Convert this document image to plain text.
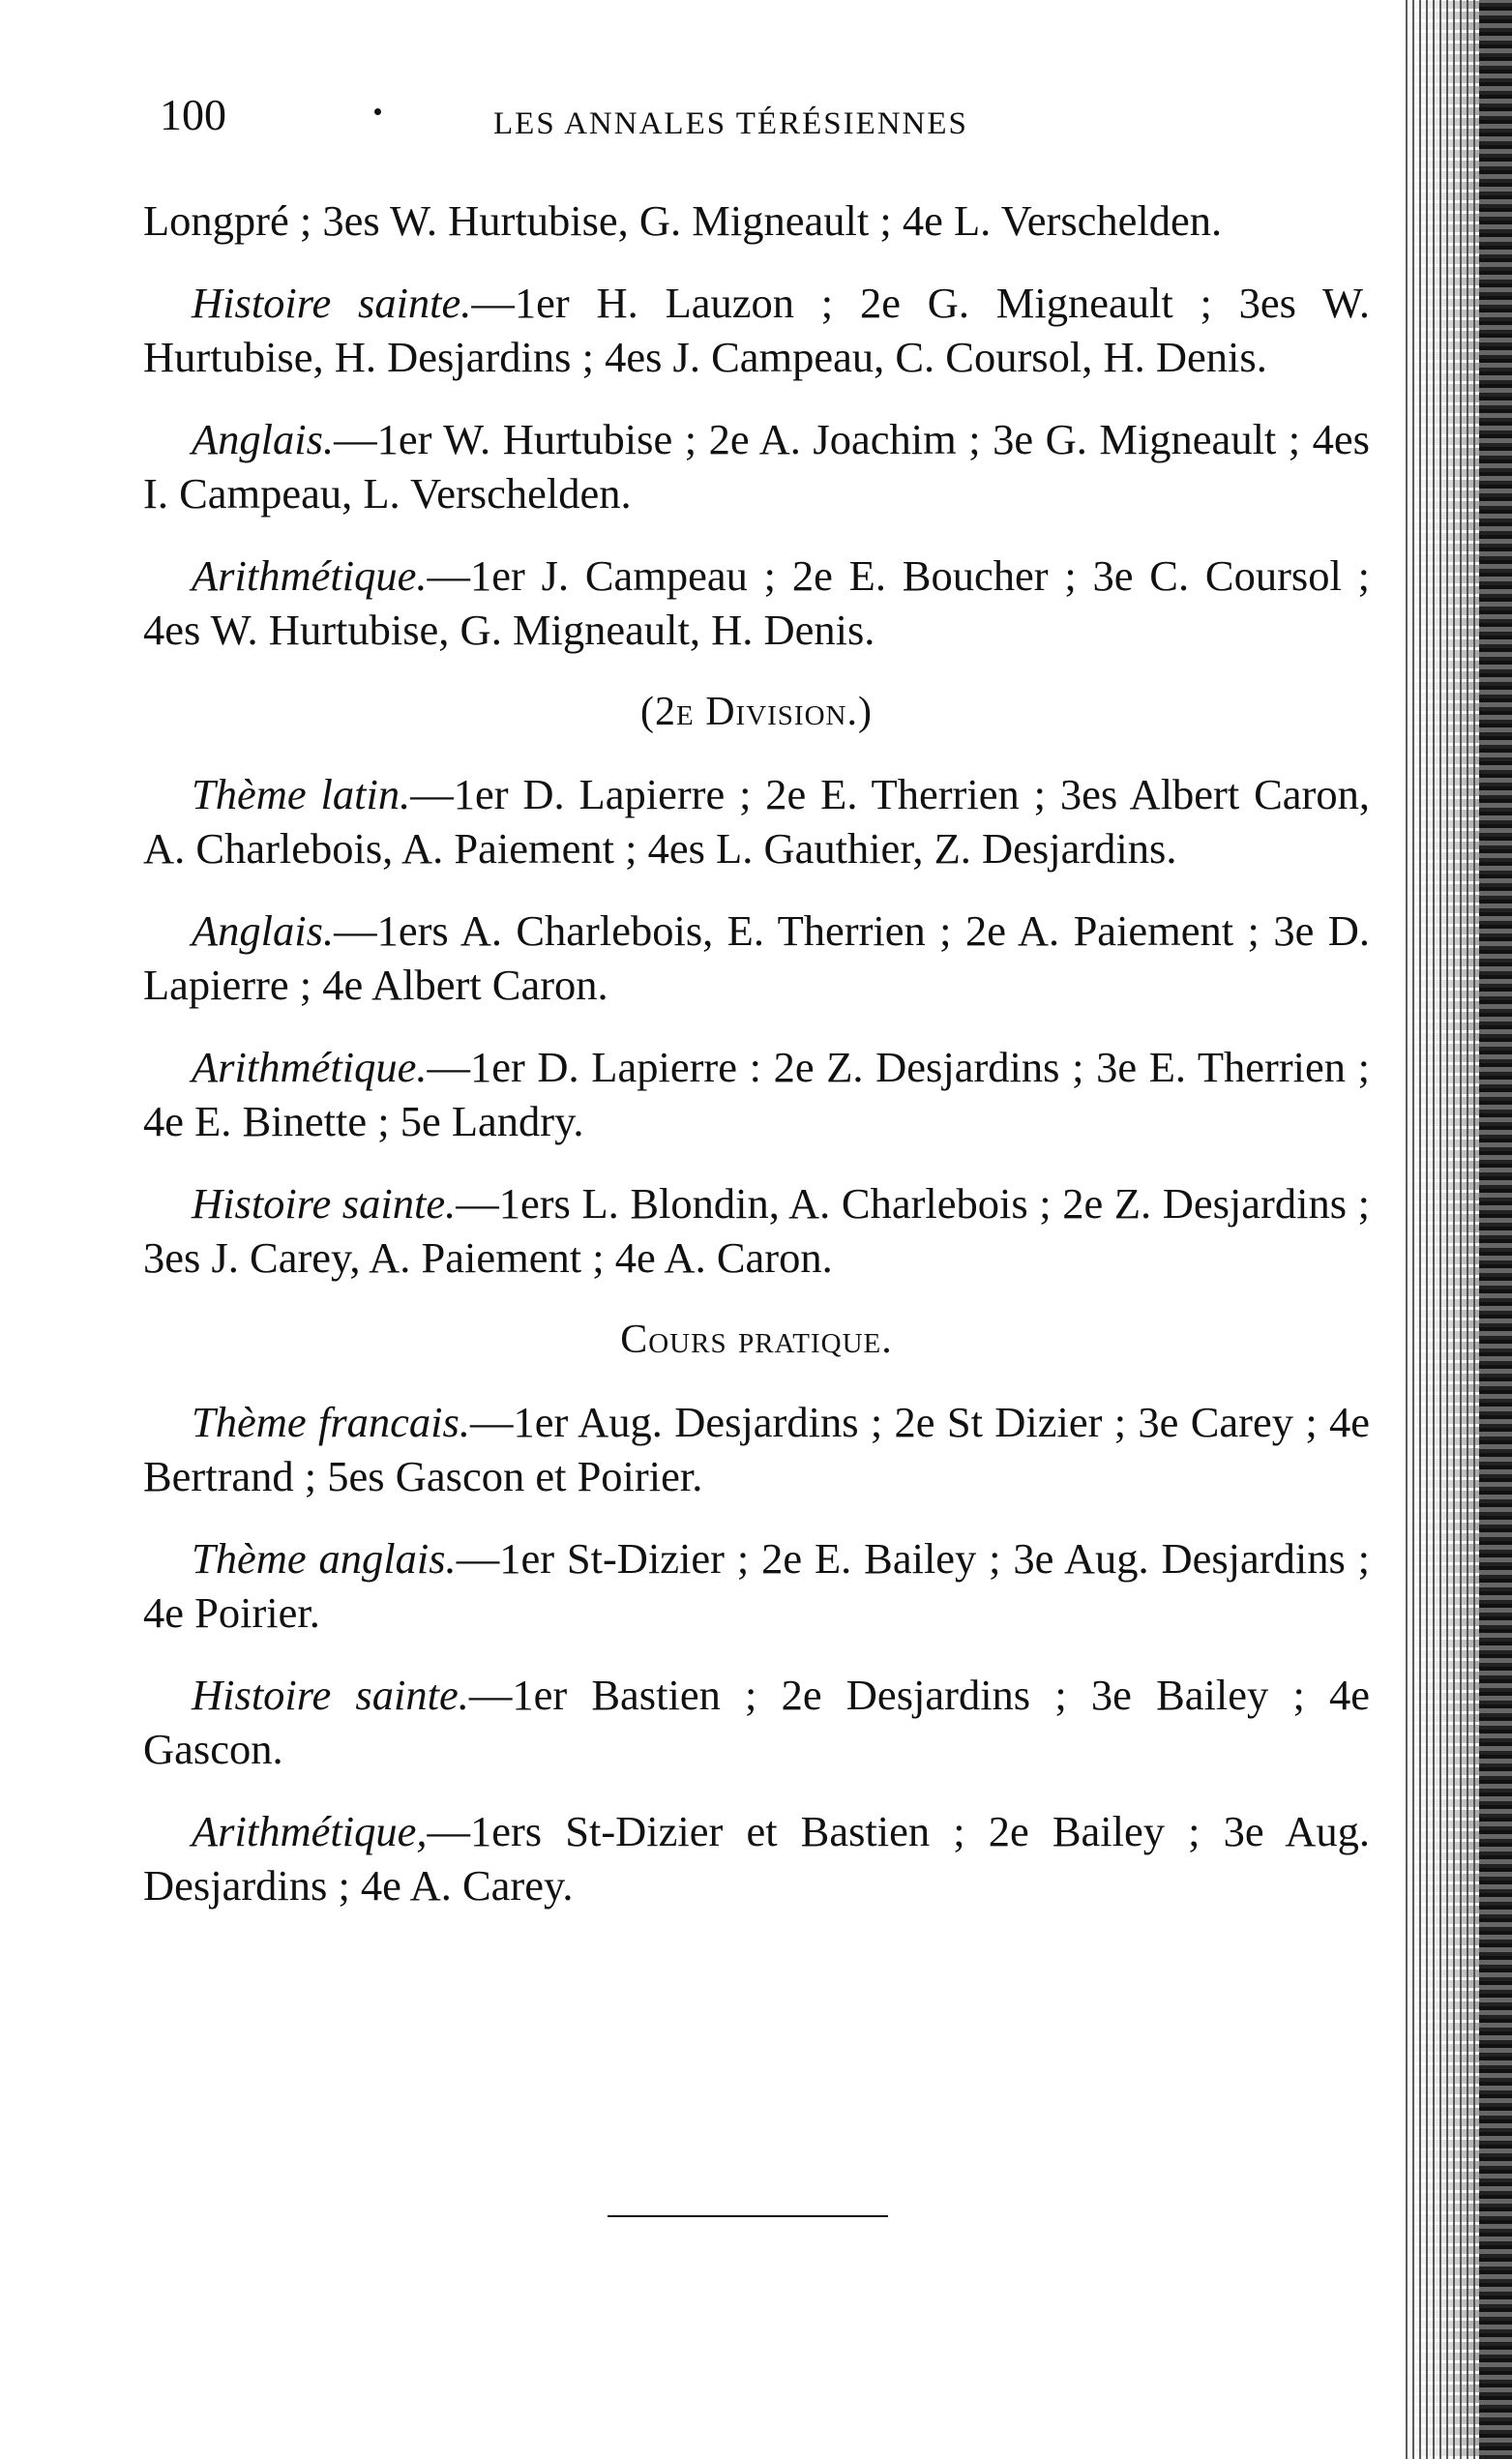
100	LES ANNALES TÉRÉSIENNES

Longpré ; 3es W. Hurtubise, G. Migneault ; 4e L. Verschelden.

Histoire sainte.—1er H. Lauzon ; 2e G. Migneault ; 3es W. Hurtubise, H. Desjardins ; 4es J. Campeau, C. Coursol, H. Denis.

Anglais.—1er W. Hurtubise ; 2e A. Joachim ; 3e G. Migneault ; 4es I. Campeau, L. Verschelden.

Arithmétique.—1er J. Campeau ; 2e E. Boucher ; 3e C. Coursol ; 4es W. Hurtubise, G. Migneault, H. Denis.

(2e Division.)

Thème latin.—1er D. Lapierre ; 2e E. Therrien ; 3es Albert Caron, A. Charlebois, A. Paiement ; 4es L. Gauthier, Z. Desjardins.

Anglais.—1ers A. Charlebois, E. Therrien ; 2e A. Paiement ; 3e D. Lapierre ; 4e Albert Caron.

Arithmétique.—1er D. Lapierre : 2e Z. Desjardins ; 3e E. Therrien ; 4e E. Binette ; 5e Landry.

Histoire sainte.—1ers L. Blondin, A. Charlebois ; 2e Z. Desjardins ; 3es J. Carey, A. Paiement ; 4e A. Caron.

Cours pratique.

Thème francais.—1er Aug. Desjardins ; 2e St Dizier ; 3e Carey ; 4e Bertrand ; 5es Gascon et Poirier.

Thème anglais.—1er St-Dizier ; 2e E. Bailey ; 3e Aug. Desjardins ; 4e Poirier.

Histoire sainte.—1er Bastien ; 2e Desjardins ; 3e Bailey ; 4e Gascon.

Arithmétique,—1ers St-Dizier et Bastien ; 2e Bailey ; 3e Aug. Desjardins ; 4e A. Carey.
